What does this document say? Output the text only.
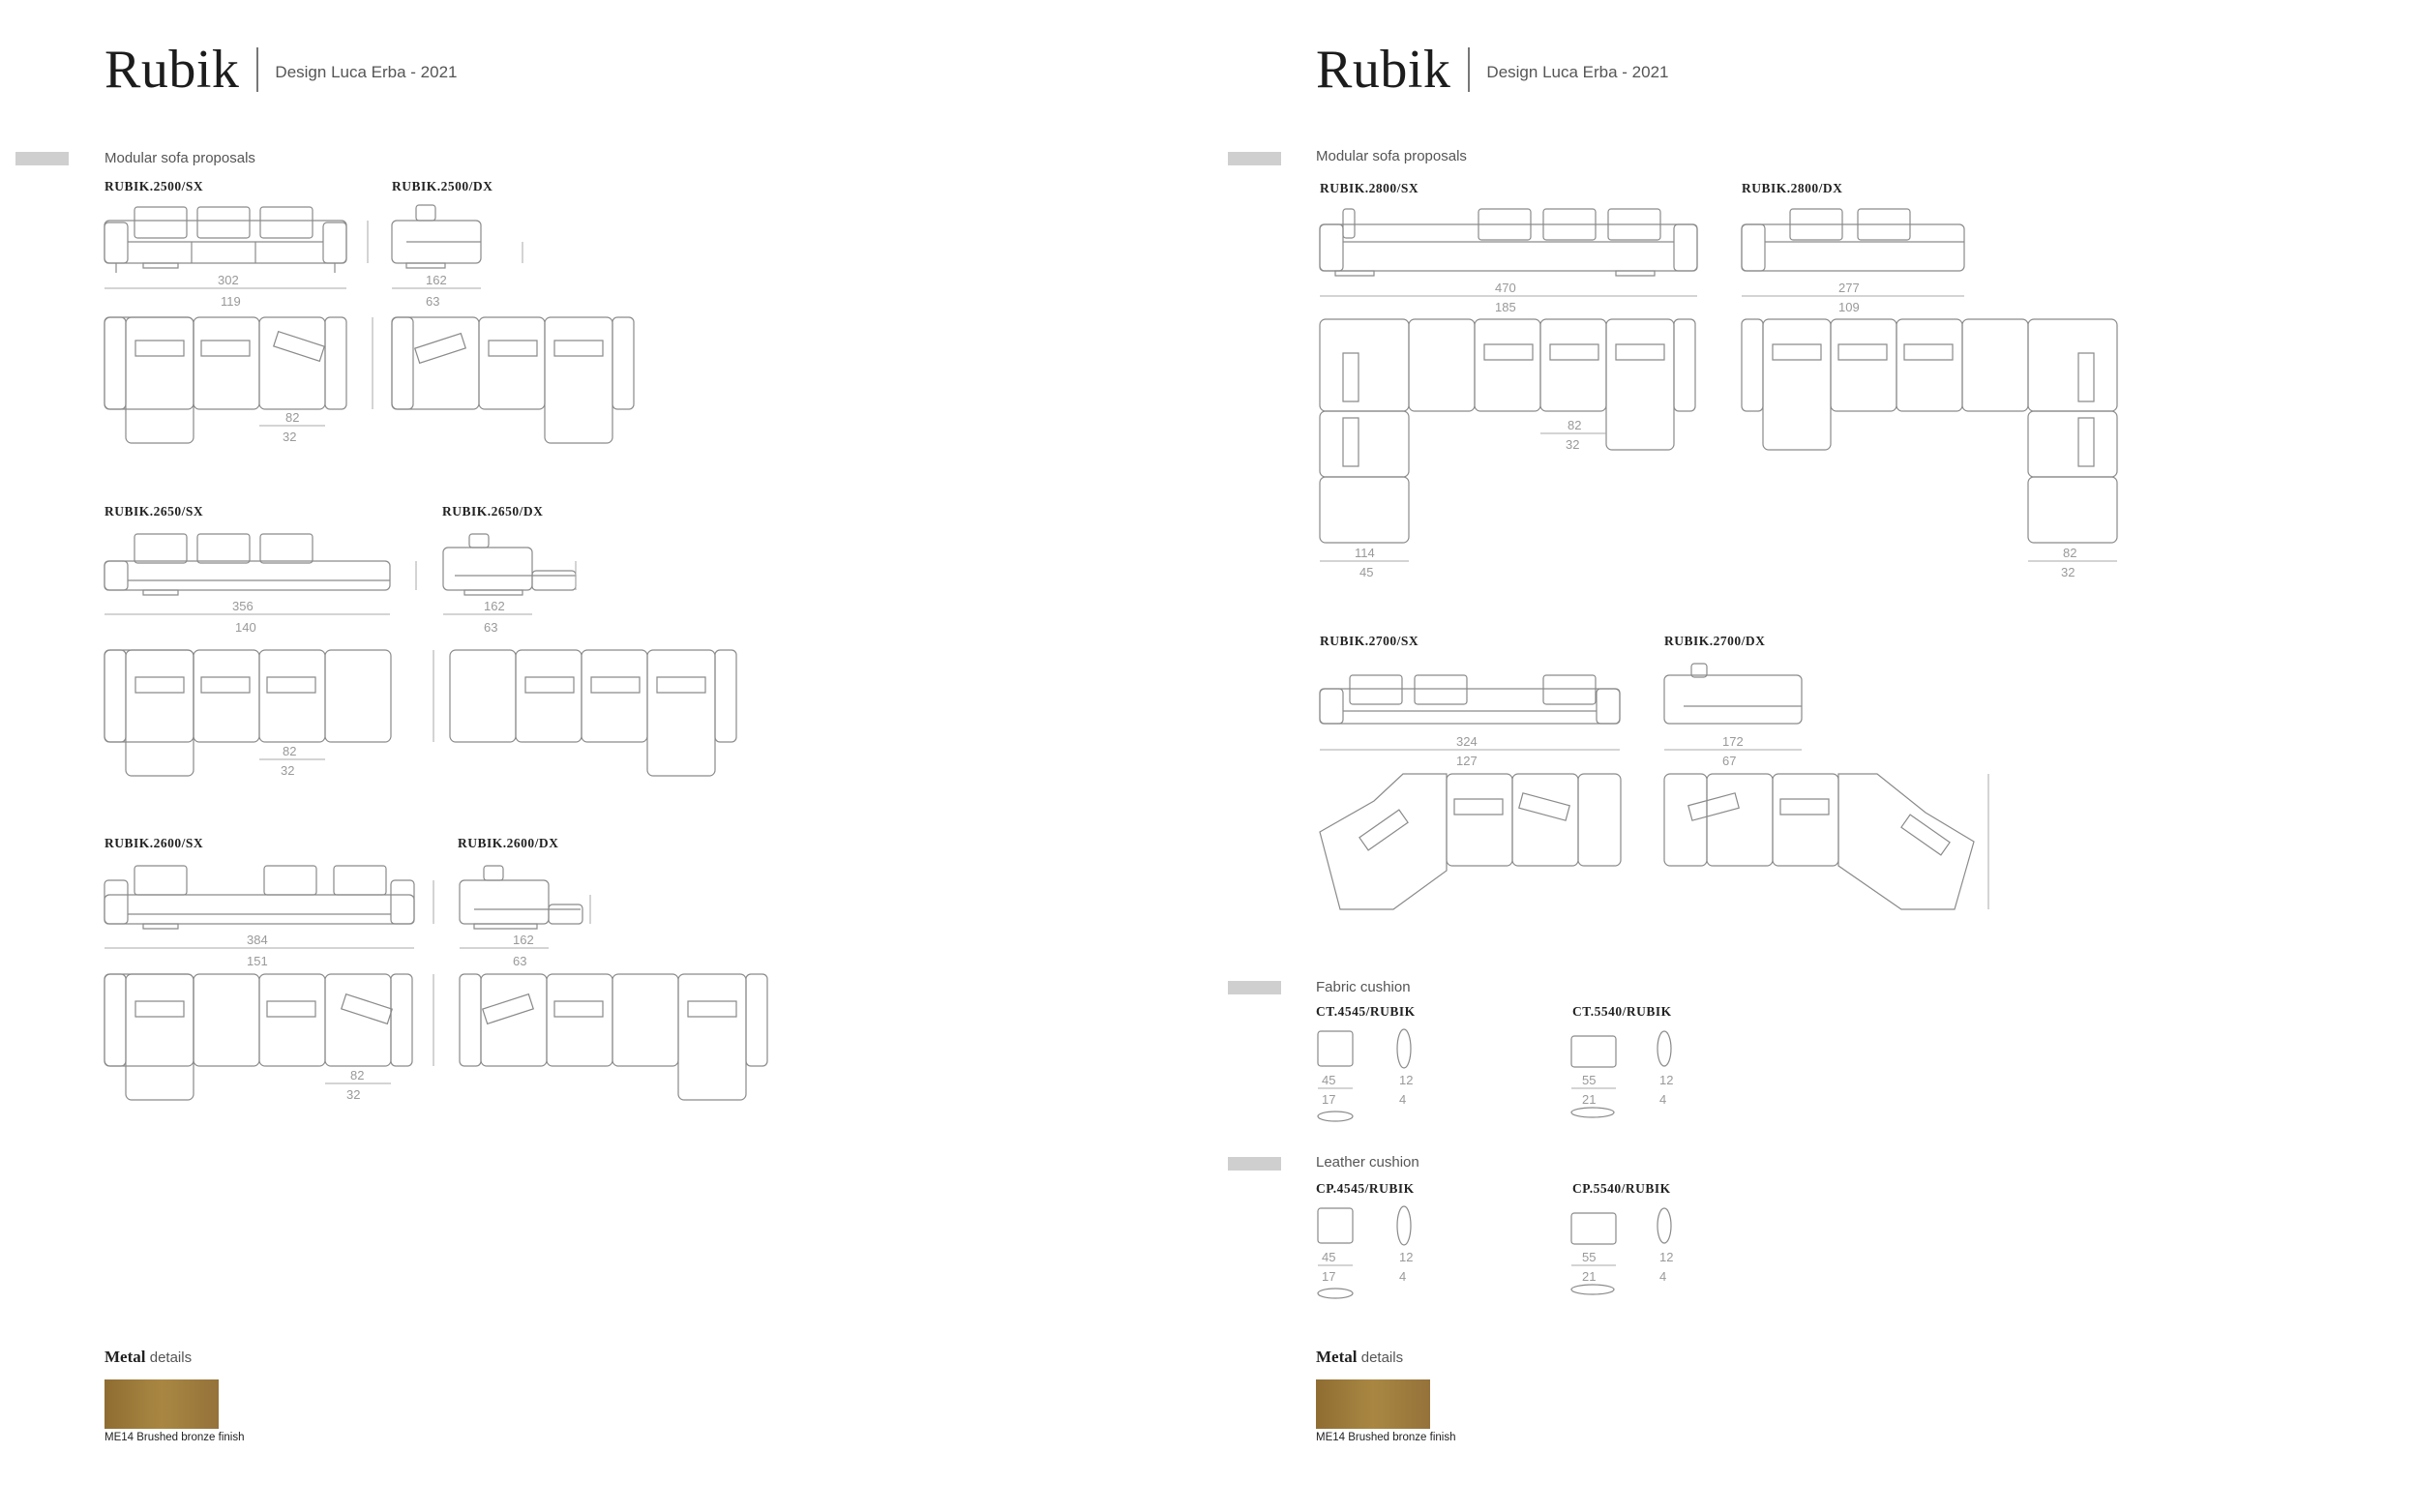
Rubik Design Luca Erba - 2021
Modular sofa proposals
RUBIK.2500/SX	RUBIK.2500/DX
RUBIK.2650/SX	RUBIK.2650/DX
RUBIK.2600/SX	RUBIK.2600/DX
302
119
162
63
82
32
356
140
162
63
82
32
384
151
162
63
82
32
Metal details
ME14 Brushed bronze finish
Rubik Design Luca Erba - 2021
Modular sofa proposals
RUBIK.2800/SX	RUBIK.2800/DX
RUBIK.2700/SX	RUBIK.2700/DX
470
185
277
109
114
45
82
32
82
32
324
127
172
67
45
17
12
4
55
21
12
4
45
17
12
4
55
21
12
4
Fabric cushion
CT.4545/RUBIK	CT.5540/RUBIK
Leather cushion
CP.4545/RUBIK	CP.5540/RUBIK
Metal details
ME14 Brushed bronze finish
